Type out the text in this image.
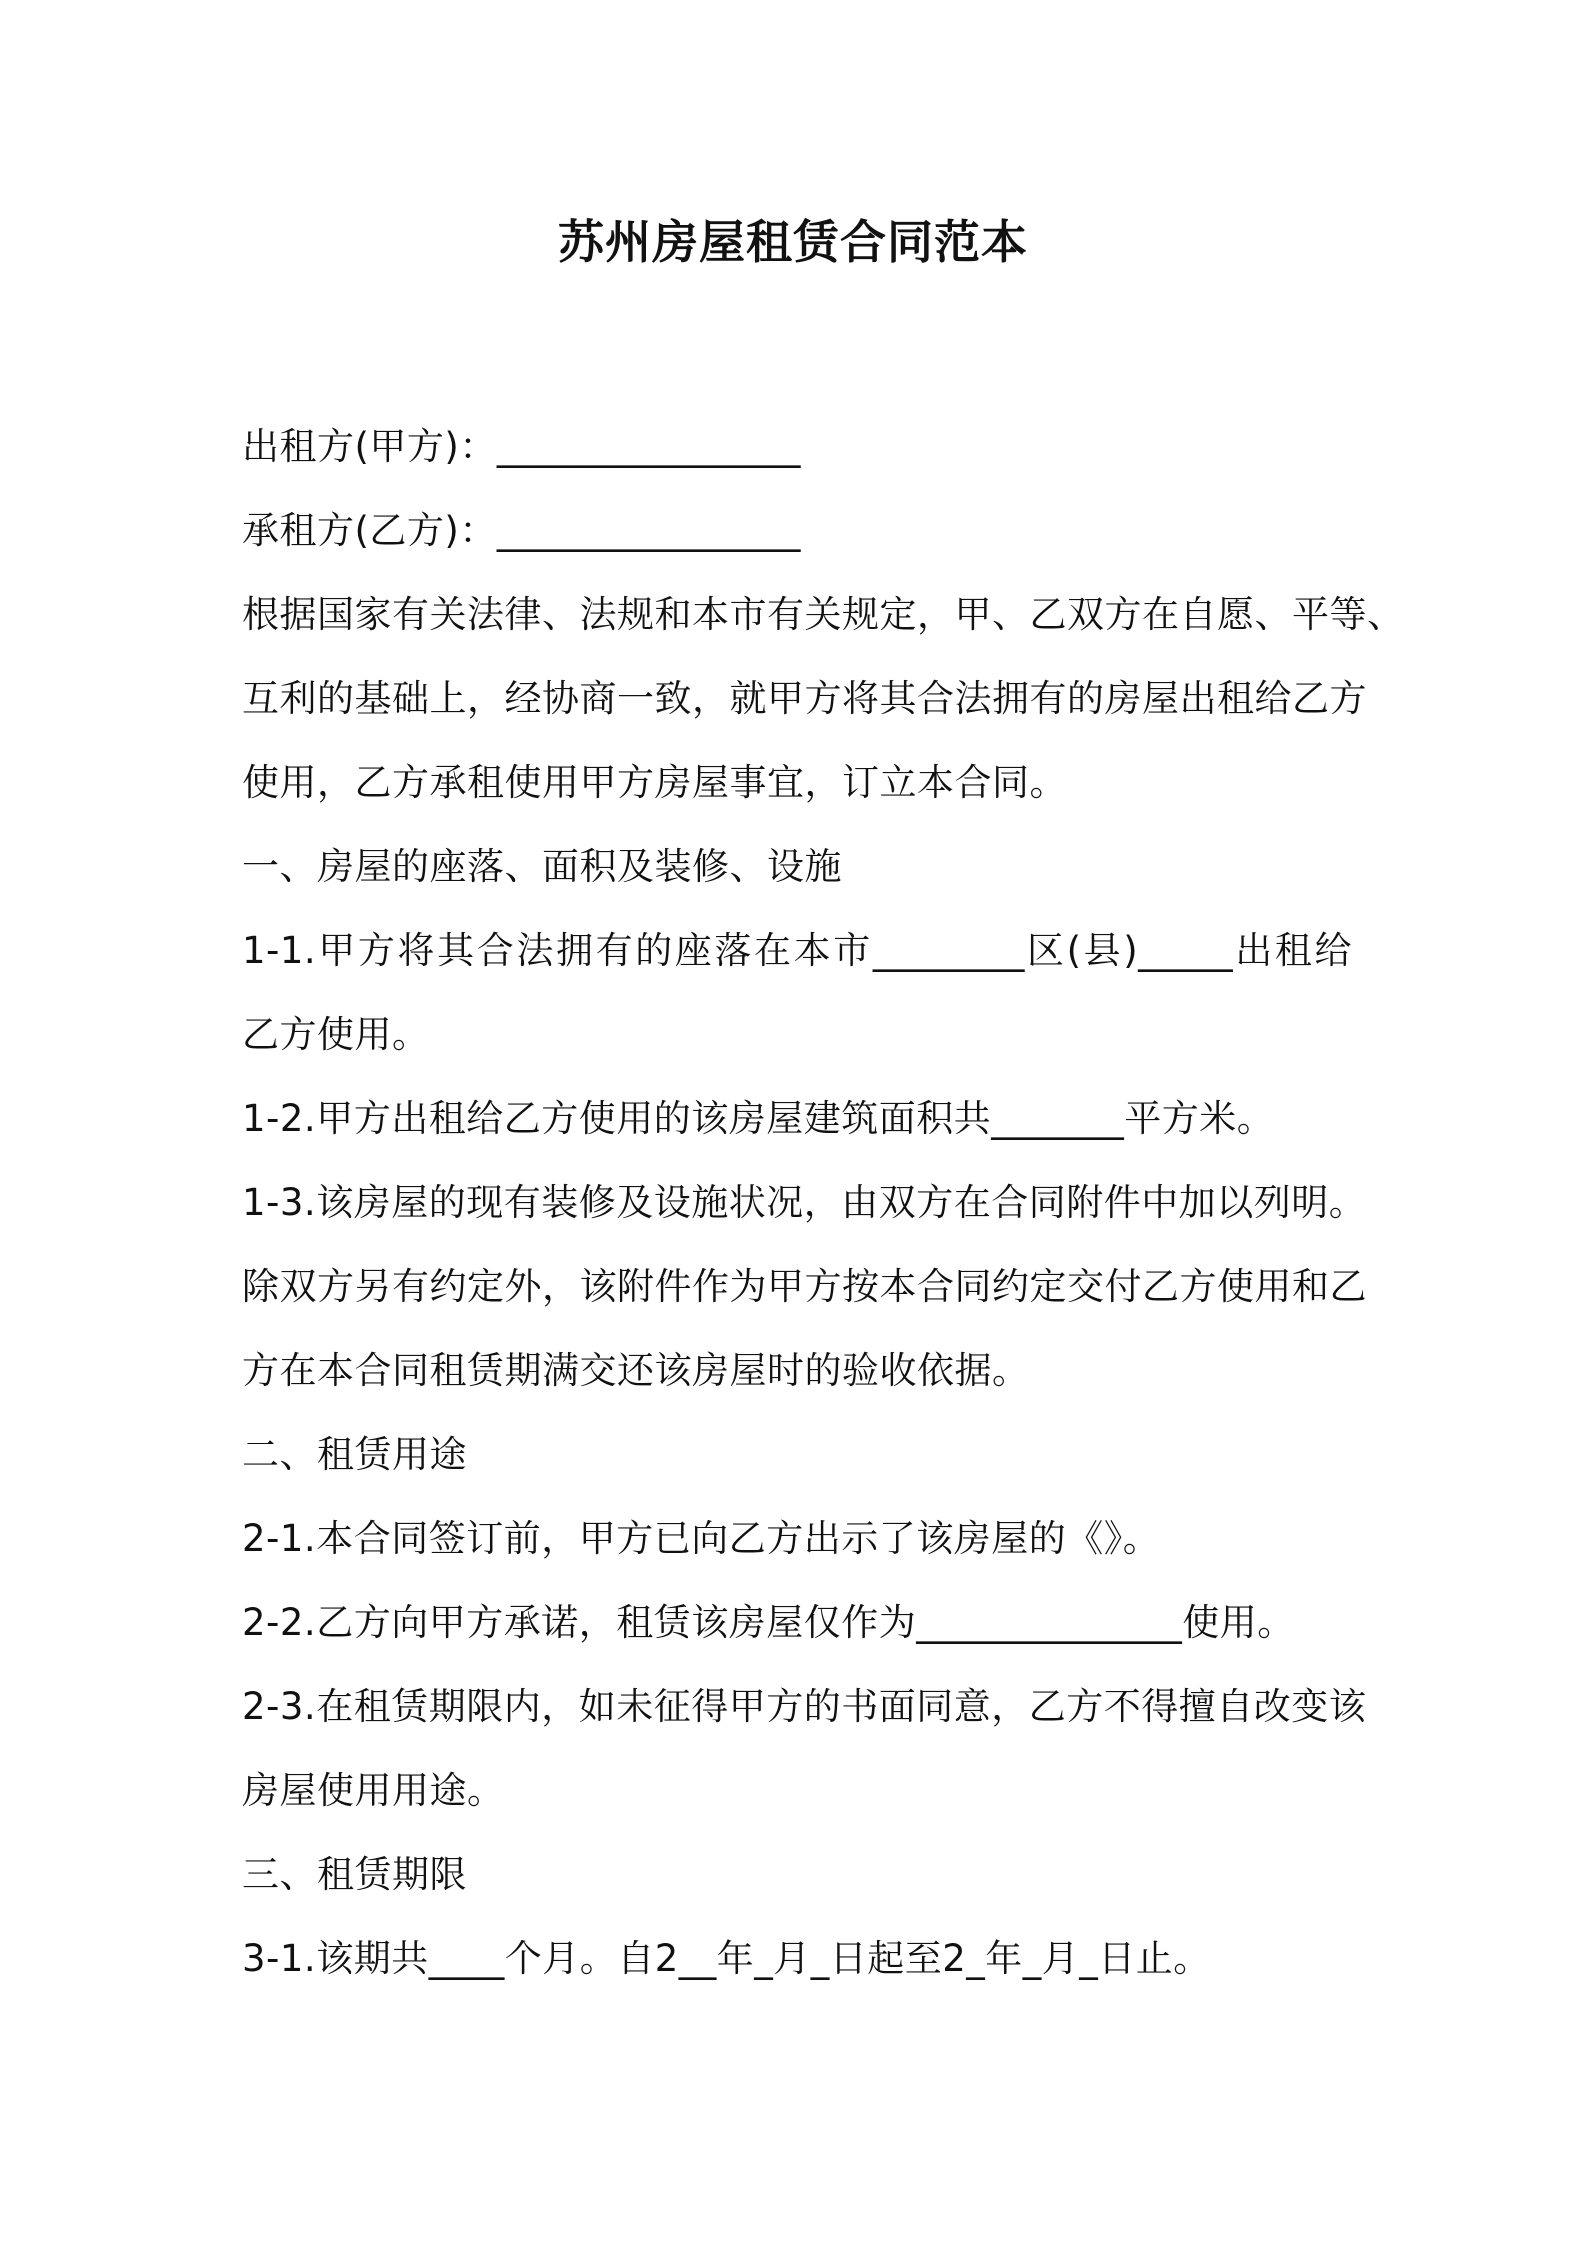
苏州房屋租赁合同范本
出租方(甲方)：________________
承租方(乙方)：________________
根据国家有关法律、法规和本市有关规定，甲、乙双方在自愿、平等、
互利的基础上，经协商一致，就甲方将其合法拥有的房屋出租给乙方
使用，乙方承租使用甲方房屋事宜，订立本合同。
一、房屋的座落、面积及装修、设施
1-1.甲方将其合法拥有的座落在本市________区(县)_____出租给
乙方使用。
1-2.甲方出租给乙方使用的该房屋建筑面积共_______平方米。
1-3.该房屋的现有装修及设施状况，由双方在合同附件中加以列明。
除双方另有约定外，该附件作为甲方按本合同约定交付乙方使用和乙
方在本合同租赁期满交还该房屋时的验收依据。
二、租赁用途
2-1.本合同签订前，甲方已向乙方出示了该房屋的《》。
2-2.乙方向甲方承诺，租赁该房屋仅作为______________使用。
2-3.在租赁期限内，如未征得甲方的书面同意，乙方不得擅自改变该
房屋使用用途。
三、租赁期限
3-1.该期共____个月。自2__年_月_日起至2_年_月_日止。
